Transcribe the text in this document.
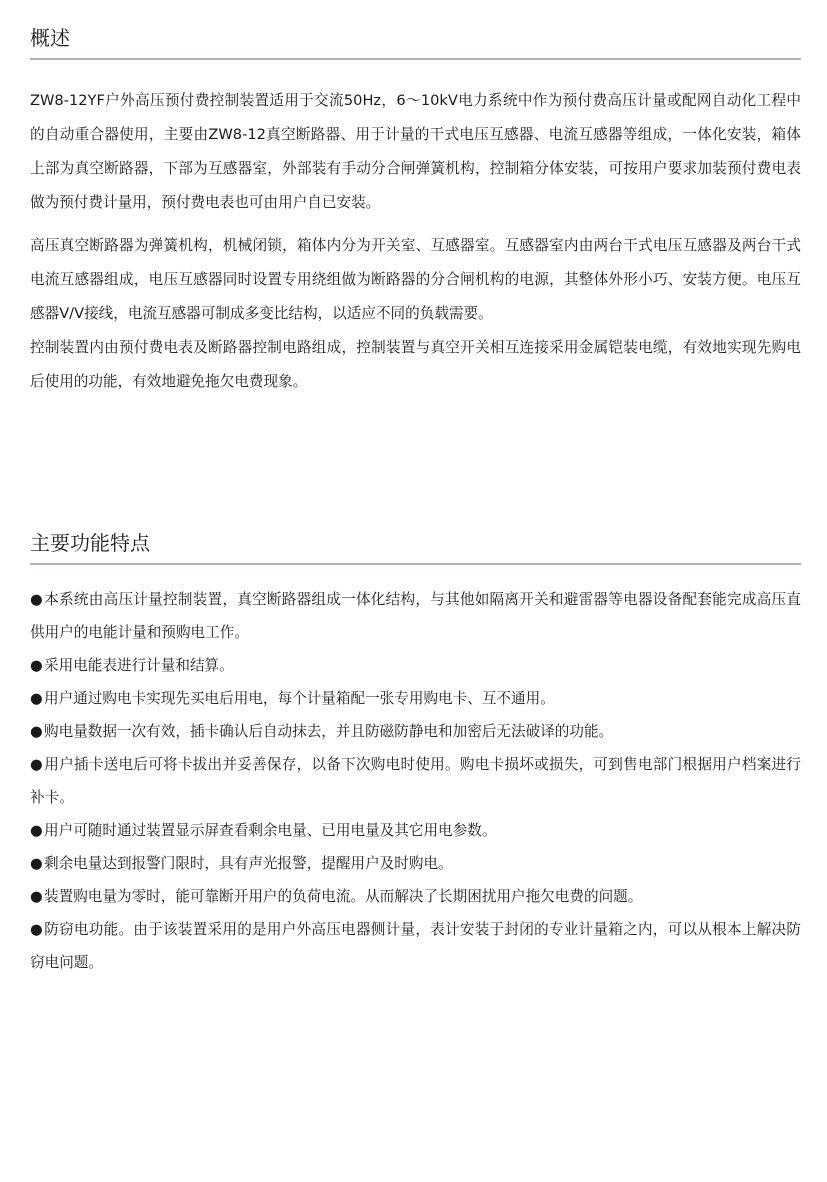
概述

ZW8-12YF户外高压预付费控制装置适用于交流50Hz，6～10kV电力系统中作为预付费高压计量或配网自动化工程中的自动重合器使用，主要由ZW8-12真空断路器、用于计量的干式电压互感器、电流互感器等组成，一体化安装，箱体上部为真空断路器，下部为互感器室，外部装有手动分合闸弹簧机构，控制箱分体安装，可按用户要求加装预付费电表做为预付费计量用，预付费电表也可由用户自已安装。

高压真空断路器为弹簧机构，机械闭锁，箱体内分为开关室、互感器室。互感器室内由两台干式电压互感器及两台干式电流互感器组成，电压互感器同时设置专用绕组做为断路器的分合闸机构的电源，其整体外形小巧、安装方便。电压互感器V/V接线，电流互感器可制成多变比结构，以适应不同的负载需要。

控制装置内由预付费电表及断路器控制电路组成，控制装置与真空开关相互连接采用金属铠装电缆，有效地实现先购电后使用的功能，有效地避免拖欠电费现象。

主要功能特点
●本系统由高压计量控制装置，真空断路器组成一体化结构，与其他如隔离开关和避雷器等电器设备配套能完成高压直供用户的电能计量和预购电工作。
●采用电能表进行计量和结算。
●用户通过购电卡实现先买电后用电，每个计量箱配一张专用购电卡、互不通用。
●购电量数据一次有效，插卡确认后自动抹去，并且防磁防静电和加密后无法破译的功能。
●用户插卡送电后可将卡拔出并妥善保存，以备下次购电时使用。购电卡损坏或损失，可到售电部门根据用户档案进行补卡。
●用户可随时通过装置显示屏查看剩余电量、已用电量及其它用电参数。
●剩余电量达到报警门限时，具有声光报警，提醒用户及时购电。
●装置购电量为零时，能可靠断开用户的负荷电流。从而解决了长期困扰用户拖欠电费的问题。
●防窃电功能。由于该装置采用的是用户外高压电器侧计量，表计安装于封闭的专业计量箱之内，可以从根本上解决防窃电问题。
